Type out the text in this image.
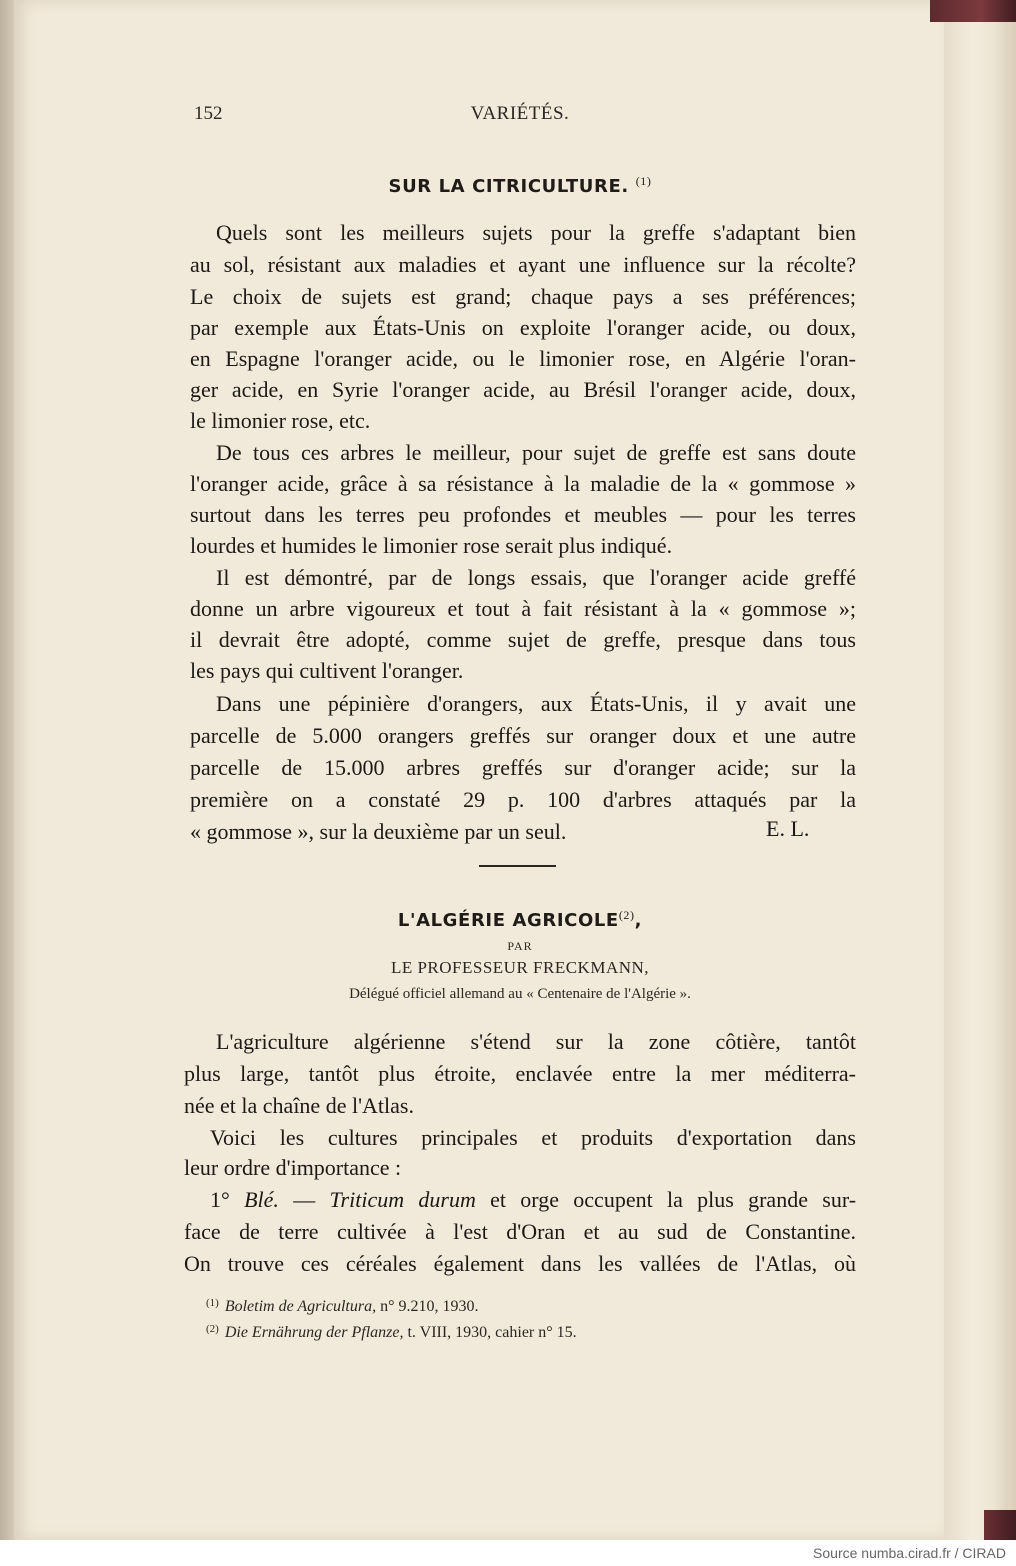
152	VARIÉTÉS.
SUR LA CITRICULTURE. $^{(1)}$
Quels sont les meilleurs sujets pour la greffe s'adaptant bien
au sol, résistant aux maladies et ayant une influence sur la récolte?
Le choix de sujets est grand; chaque pays a ses préférences;
par exemple aux États-Unis on exploite l'oranger acide, ou doux,
en Espagne l'oranger acide, ou le limonier rose, en Algérie l'oran-
ger acide, en Syrie l'oranger acide, au Brésil l'oranger acide, doux,
le limonier rose, etc.
De tous ces arbres le meilleur, pour sujet de greffe est sans doute
l'oranger acide, grâce à sa résistance à la maladie de la « gommose »
surtout dans les terres peu profondes et meubles — pour les terres
lourdes et humides le limonier rose serait plus indiqué.
Il est démontré, par de longs essais, que l'oranger acide greffé
donne un arbre vigoureux et tout à fait résistant à la « gommose »;
il devrait être adopté, comme sujet de greffe, presque dans tous
les pays qui cultivent l'oranger.
Dans une pépinière d'orangers, aux États-Unis, il y avait une
parcelle de 5.000 orangers greffés sur oranger doux et une autre
parcelle de 15.000 arbres greffés sur d'oranger acide; sur la
première on a constaté 29 p. 100 d'arbres attaqués par la
« gommose », sur la deuxième par un seul.	E. L.
L'ALGÉRIE AGRICOLE$^{(2)}$,
PAR
LE PROFESSEUR FRECKMANN,
Délégué officiel allemand au « Centenaire de l'Algérie ».
L'agriculture algérienne s'étend sur la zone côtière, tantôt
plus large, tantôt plus étroite, enclavée entre la mer méditerra-
née et la chaîne de l'Atlas.
Voici les cultures principales et produits d'exportation dans
leur ordre d'importance :
1° Blé. — Triticum durum et orge occupent la plus grande sur-
face de terre cultivée à l'est d'Oran et au sud de Constantine.
On trouve ces céréales également dans les vallées de l'Atlas, où
$^{(1)}$ Boletim de Agricultura, n° 9.210, 1930.
$^{(2)}$ Die Ernährung der Pflanze, t. VIII, 1930, cahier n° 15.
Source numba.cirad.fr / CIRAD
